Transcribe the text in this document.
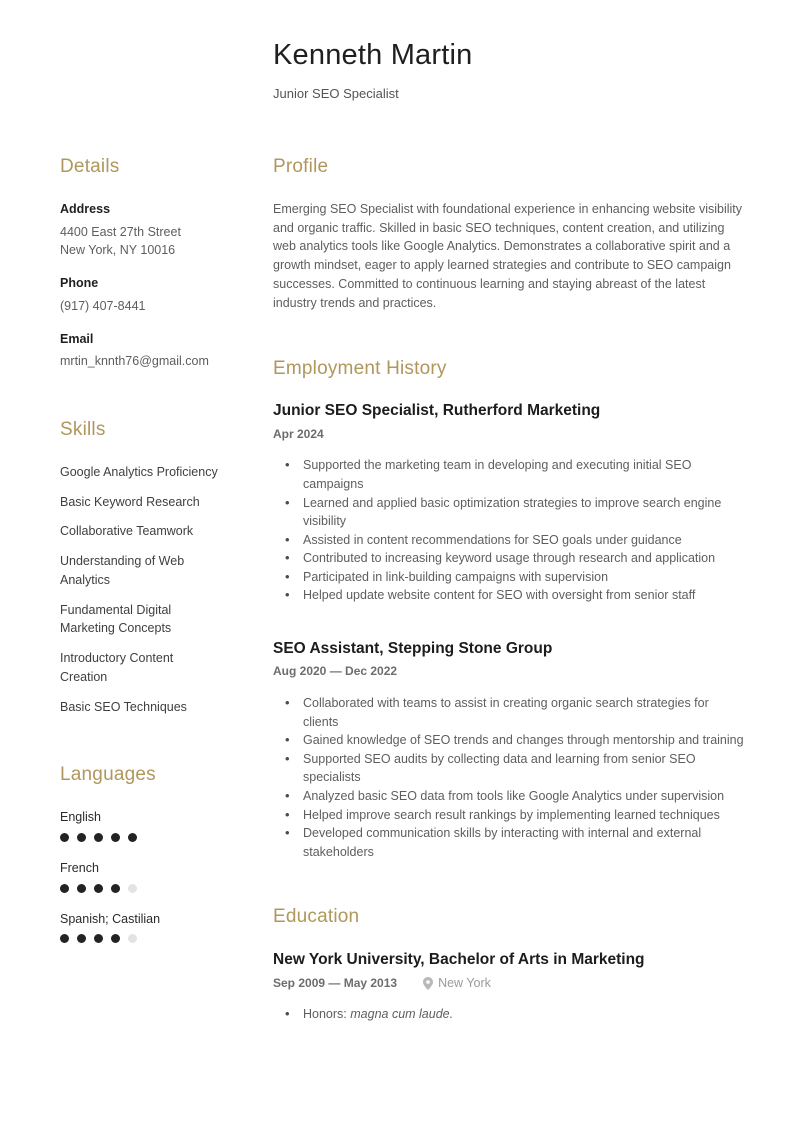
Kenneth Martin
Junior SEO Specialist
Details
Address
4400 East 27th Street
New York, NY 10016
Phone
(917) 407-8441
Email
mrtin_knnth76@gmail.com
Skills
Google Analytics Proficiency
Basic Keyword Research
Collaborative Teamwork
Understanding of Web Analytics
Fundamental Digital Marketing Concepts
Introductory Content Creation
Basic SEO Techniques
Languages
English
French
Spanish; Castilian
Profile

Emerging SEO Specialist with foundational experience in enhancing website visibility and organic traffic. Skilled in basic SEO techniques, content creation, and utilizing web analytics tools like Google Analytics. Demonstrates a collaborative spirit and a growth mindset, eager to apply learned strategies and contribute to SEO campaign successes. Committed to continuous learning and staying abreast of the latest industry trends and practices.

Employment History
Junior SEO Specialist, Rutherford Marketing
Apr 2024
• Supported the marketing team in developing and executing initial SEO campaigns
• Learned and applied basic optimization strategies to improve search engine visibility
• Assisted in content recommendations for SEO goals under guidance
• Contributed to increasing keyword usage through research and application
• Participated in link-building campaigns with supervision
• Helped update website content for SEO with oversight from senior staff
SEO Assistant, Stepping Stone Group
Aug 2020 — Dec 2022
• Collaborated with teams to assist in creating organic search strategies for clients
• Gained knowledge of SEO trends and changes through mentorship and training
• Supported SEO audits by collecting data and learning from senior SEO specialists
• Analyzed basic SEO data from tools like Google Analytics under supervision
• Helped improve search result rankings by implementing learned techniques
• Developed communication skills by interacting with internal and external stakeholders
Education
New York University, Bachelor of Arts in Marketing
Sep 2009 — May 2013	New York
• Honors: magna cum laude.
